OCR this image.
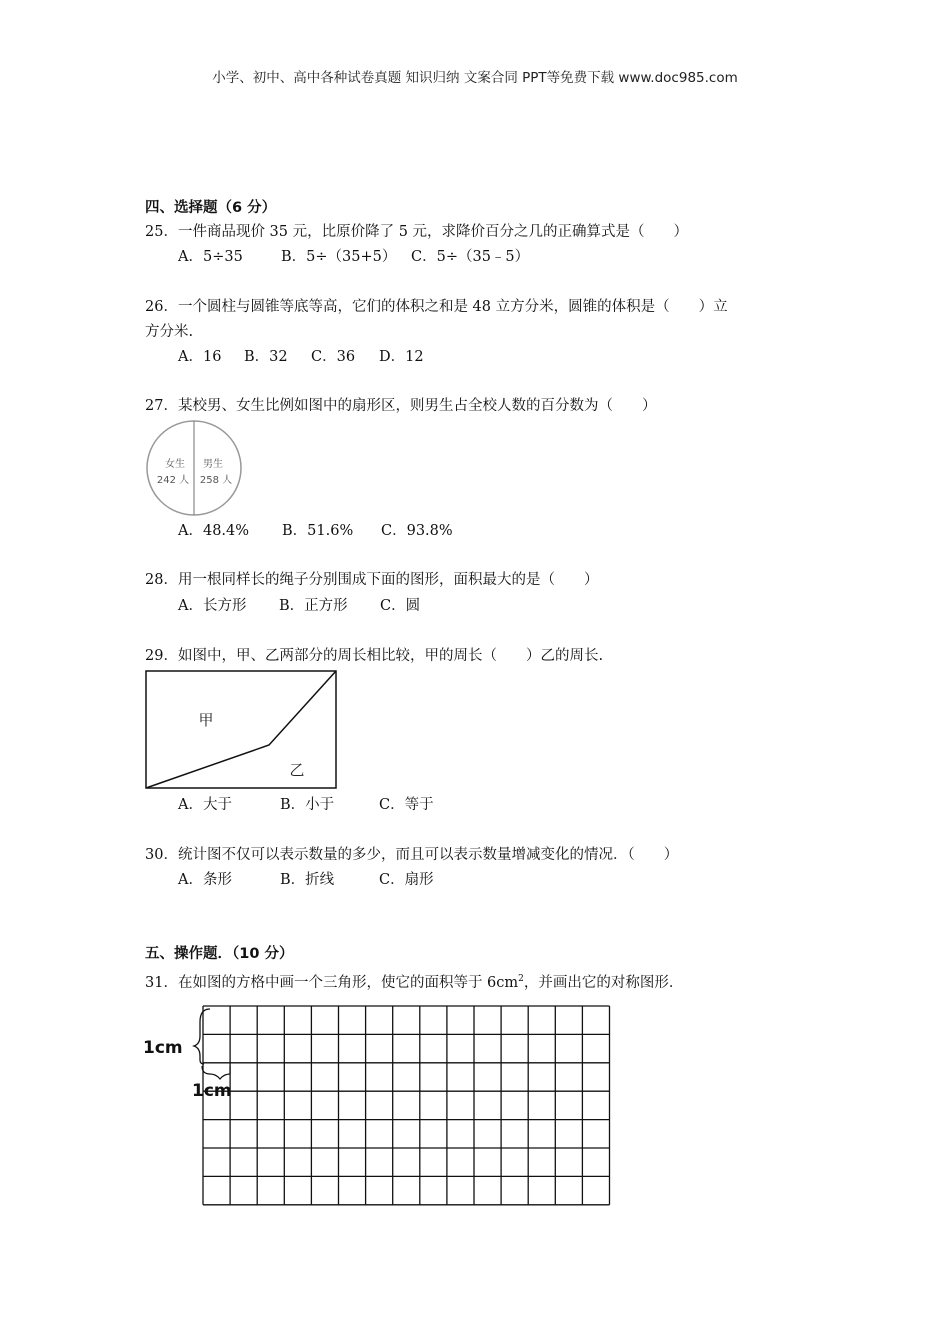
小学、初中、高中各种试卷真题 知识归纳 文案合同 PPT等免费下载 www.doc985.com
四、选择题（6 分）
25．一件商品现价 35 元，比原价降了 5 元，求降价百分之几的正确算式是（　　）
A．5÷35	B．5÷（35+5） C．5÷（35﹣5）
26．一个圆柱与圆锥等底等高，它们的体积之和是 48 立方分米，圆锥的体积是（　　）立
方分米.
A．16 B．32 C．36 D．12
27．某校男、女生比例如图中的扇形区，则男生占全校人数的百分数为（　　）
女生
242 人
男生
258 人
A．48.4% B．51.6% C．93.8%
28．用一根同样长的绳子分别围成下面的图形，面积最大的是（　　）
A．长方形 B．正方形 C．圆
29．如图中，甲、乙两部分的周长相比较，甲的周长（　　）乙的周长.
甲
乙
A．大于	B．小于	C．等于
30．统计图不仅可以表示数量的多少，而且可以表示数量增减变化的情况．（　　）
A．条形	B．折线	C．扇形
五、操作题．（10 分）
31．在如图的方格中画一个三角形，使它的面积等于 $6cm^2$，并画出它的对称图形．
1cm
1cm
